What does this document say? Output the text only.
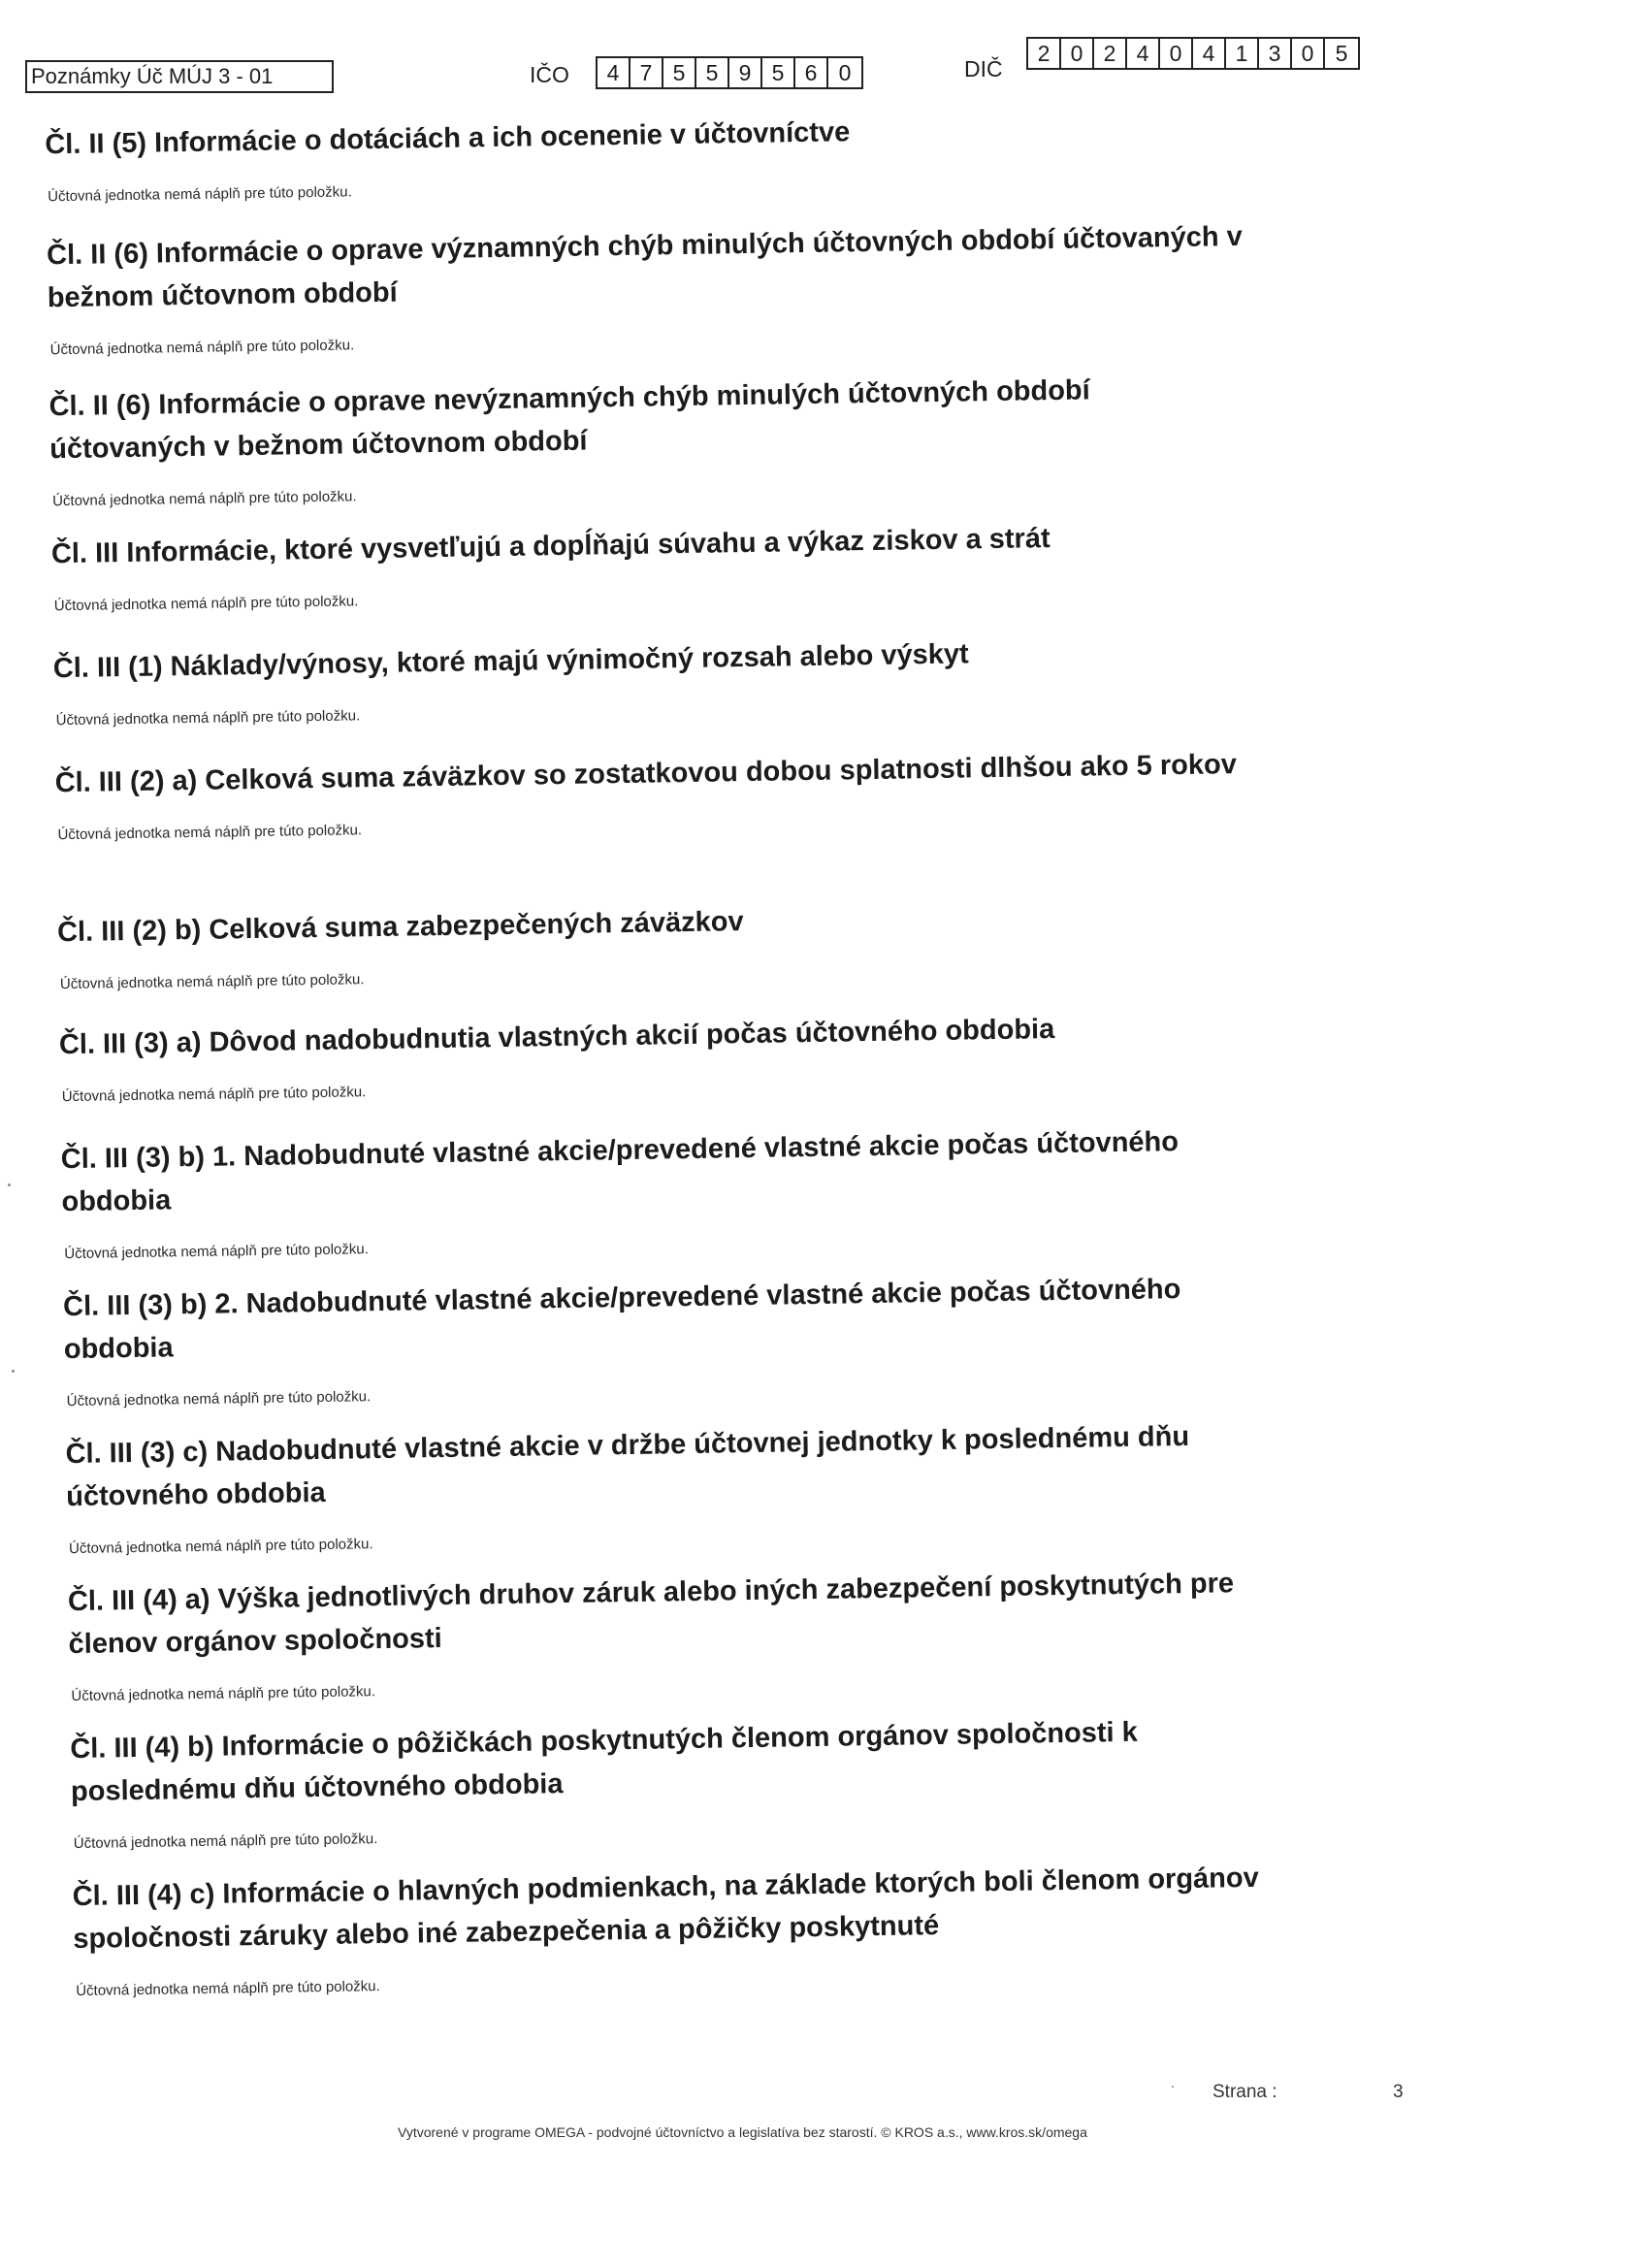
Poznámky Úč MÚJ 3 - 01	IČO	4 7 5 5 9 5 6 0	DIČ
2 0 2 4 0 4 1 3 0 5

Čl. II (5) Informácie o dotáciách a ich ocenenie v účtovníctve

Účtovná jednotka nemá náplň pre túto položku.

Čl. II (6) Informácie o oprave významných chýb minulých účtovných období účtovaných v bežnom účtovnom období

Účtovná jednotka nemá náplň pre túto položku.

Čl. II (6) Informácie o oprave nevýznamných chýb minulých účtovných období účtovaných v bežnom účtovnom období

Účtovná jednotka nemá náplň pre túto položku.

Čl. III Informácie, ktoré vysvetľujú a dopĺňajú súvahu a výkaz ziskov a strát

Účtovná jednotka nemá náplň pre túto položku.

Čl. III (1) Náklady/výnosy, ktoré majú výnimočný rozsah alebo výskyt

Účtovná jednotka nemá náplň pre túto položku.

Čl. III (2) a) Celková suma záväzkov so zostatkovou dobou splatnosti dlhšou ako 5 rokov

Účtovná jednotka nemá náplň pre túto položku.

Čl. III (2) b) Celková suma zabezpečených záväzkov

Účtovná jednotka nemá náplň pre túto položku.

Čl. III (3) a) Dôvod nadobudnutia vlastných akcií počas účtovného obdobia

Účtovná jednotka nemá náplň pre túto položku.

Čl. III (3) b) 1. Nadobudnuté vlastné akcie/prevedené vlastné akcie počas účtovného obdobia

Účtovná jednotka nemá náplň pre túto položku.

Čl. III (3) b) 2. Nadobudnuté vlastné akcie/prevedené vlastné akcie počas účtovného obdobia

Účtovná jednotka nemá náplň pre túto položku.

Čl. III (3) c) Nadobudnuté vlastné akcie v držbe účtovnej jednotky k poslednému dňu účtovného obdobia

Účtovná jednotka nemá náplň pre túto položku.

Čl. III (4) a) Výška jednotlivých druhov záruk alebo iných zabezpečení poskytnutých pre členov orgánov spoločnosti

Účtovná jednotka nemá náplň pre túto položku.

Čl. III (4) b) Informácie o pôžičkách poskytnutých členom orgánov spoločnosti k poslednému dňu účtovného obdobia

Účtovná jednotka nemá náplň pre túto položku.

Čl. III (4) c) Informácie o hlavných podmienkach, na základe ktorých boli členom orgánov spoločnosti záruky alebo iné zabezpečenia a pôžičky poskytnuté

Účtovná jednotka nemá náplň pre túto položku.

Strana :	3
Vytvorené v programe OMEGA - podvojné účtovníctvo a legislatíva bez starostí. © KROS a.s., www.kros.sk/omega
